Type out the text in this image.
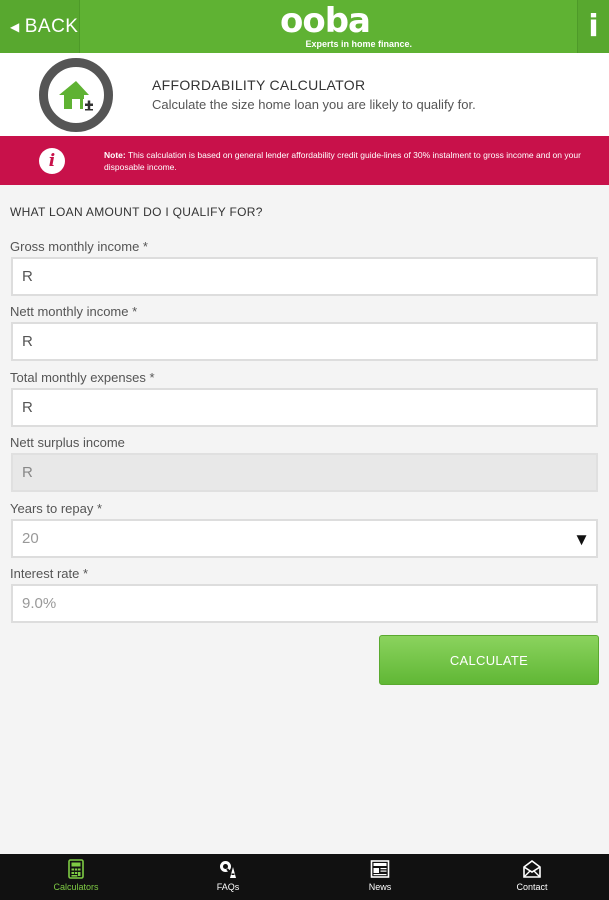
◀ BACK	ooba
Experts in home finance.	i
AFFORDABILITY CALCULATOR
Calculate the size home loan you are likely to qualify for.
i	Note: This calculation is based on general lender affordability credit guide-lines of 30% instalment to gross income and on your disposable income.
WHAT LOAN AMOUNT DO I QUALIFY FOR?
Gross monthly income *
R
Nett monthly income *
R
Total monthly expenses *
R
Nett surplus income
R
Years to repay *
20	▼
Interest rate *
9.0%
CALCULATE
Calculators	FAQs	News	Contact
